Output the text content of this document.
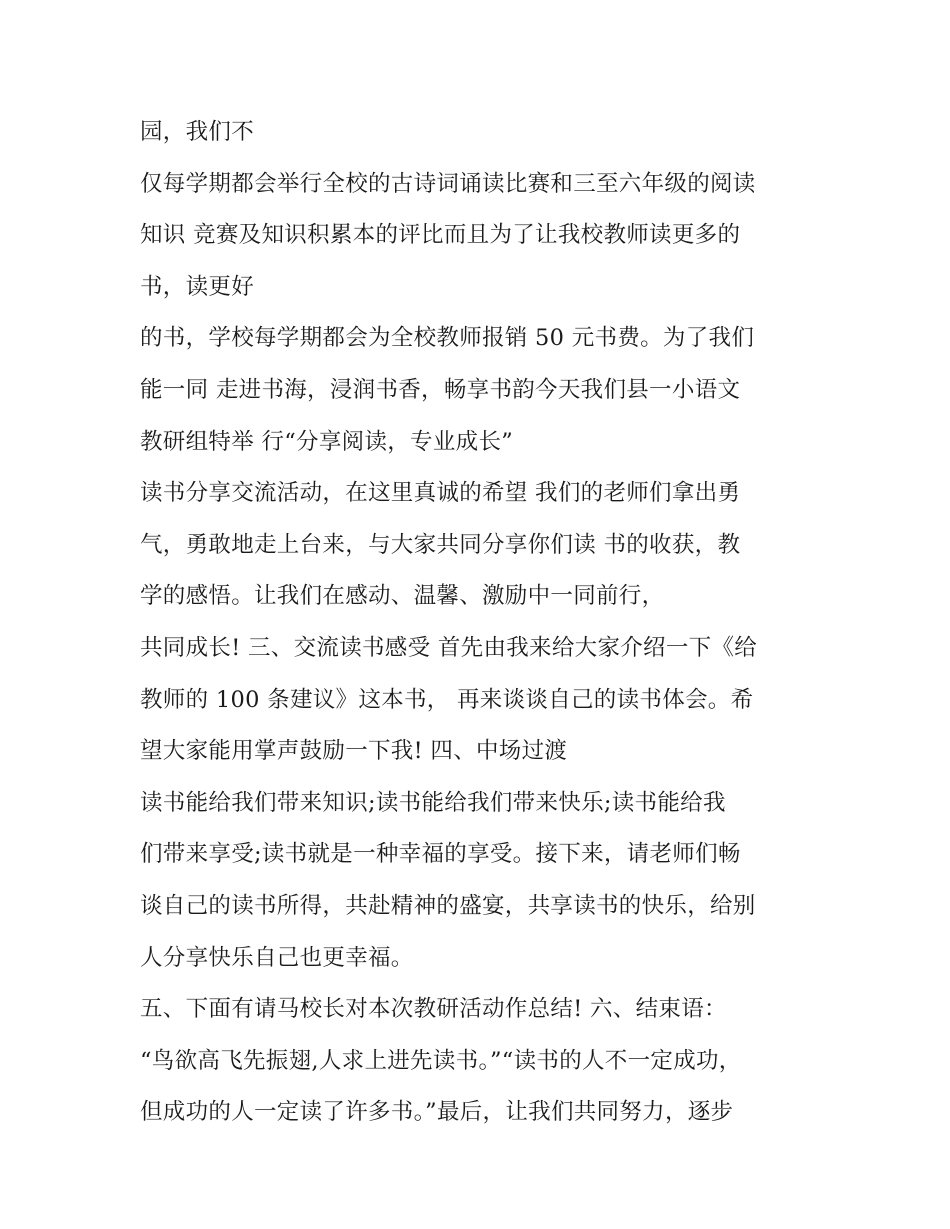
园，我们不
仅每学期都会举行全校的古诗词诵读比赛和三至六年级的阅读
知识 竞赛及知识积累本的评比而且为了让我校教师读更多的
书，读更好
的书，学校每学期都会为全校教师报销 50 元书费。为了我们
能一同 走进书海，浸润书香，畅享书韵今天我们县一小语文
教研组特举 行“分享阅读，专业成长”
读书分享交流活动，在这里真诚的希望 我们的老师们拿出勇
气，勇敢地走上台来，与大家共同分享你们读 书的收获，教
学的感悟。让我们在感动、温馨、激励中一同前行，
共同成长! 三、交流读书感受 首先由我来给大家介绍一下《给
教师的 100 条建议》这本书， 再来谈谈自己的读书体会。希
望大家能用掌声鼓励一下我! 四、中场过渡
读书能给我们带来知识;读书能给我们带来快乐;读书能给我
们带来享受;读书就是一种幸福的享受。接下来，请老师们畅
谈自己的读书所得，共赴精神的盛宴，共享读书的快乐，给别
人分享快乐自己也更幸福。
五、下面有请马校长对本次教研活动作总结! 六、结束语：
“鸟欲高飞先振翅,人求上进先读书。”“读书的人不一定成功，
但成功的人一定读了许多书。”最后，让我们共同努力，逐步
